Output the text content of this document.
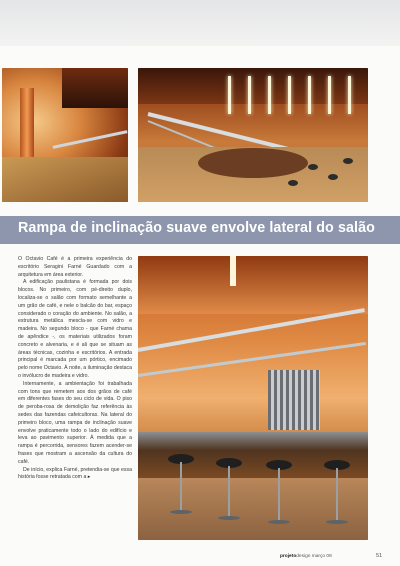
Rampa de inclinação suave envolve lateral do salão

O Octavio Café é a primeira experiência do escritório Seragini Farné Guardado com a arquitetura em área exterior.

A edificação paulistana é formada por dois blocos. No primeiro, com pé-direito duplo, localiza-se o salão com formato semelhante a um grão de café, e nele o balcão do bar, espaço considerado o coração do ambiente. No salão, a estrutura metálica mescla-se com vidro e madeira. No segundo bloco - que Farné chama de apêndice -, os materiais utilizados foram concreto e alvenaria, e é ali que se situam as áreas técnicas, cozinha e escritórios. A entrada principal é marcada por um pórtico, encimado pelo nome Octavio. À noite, a iluminação destaca o invólucro de madeira e vidro.

Internamente, a ambientação foi trabalhada com tons que remetem aos dos grãos de café em diferentes fases do seu ciclo de vida. O piso de peroba-rosa de demolição faz referência às sedes das fazendas cafeicultoras. Na lateral do primeiro bloco, uma rampa de inclinação suave envolve praticamente todo o lado do edifício e leva ao pavimento superior. À medida que a rampa é percorrida, sensores fazem acender-se frases que mostram a ascensão da cultura do café.

De início, explica Farné, pretendia-se que essa história fosse retratada com a ▸

projetodesign março 08	51
